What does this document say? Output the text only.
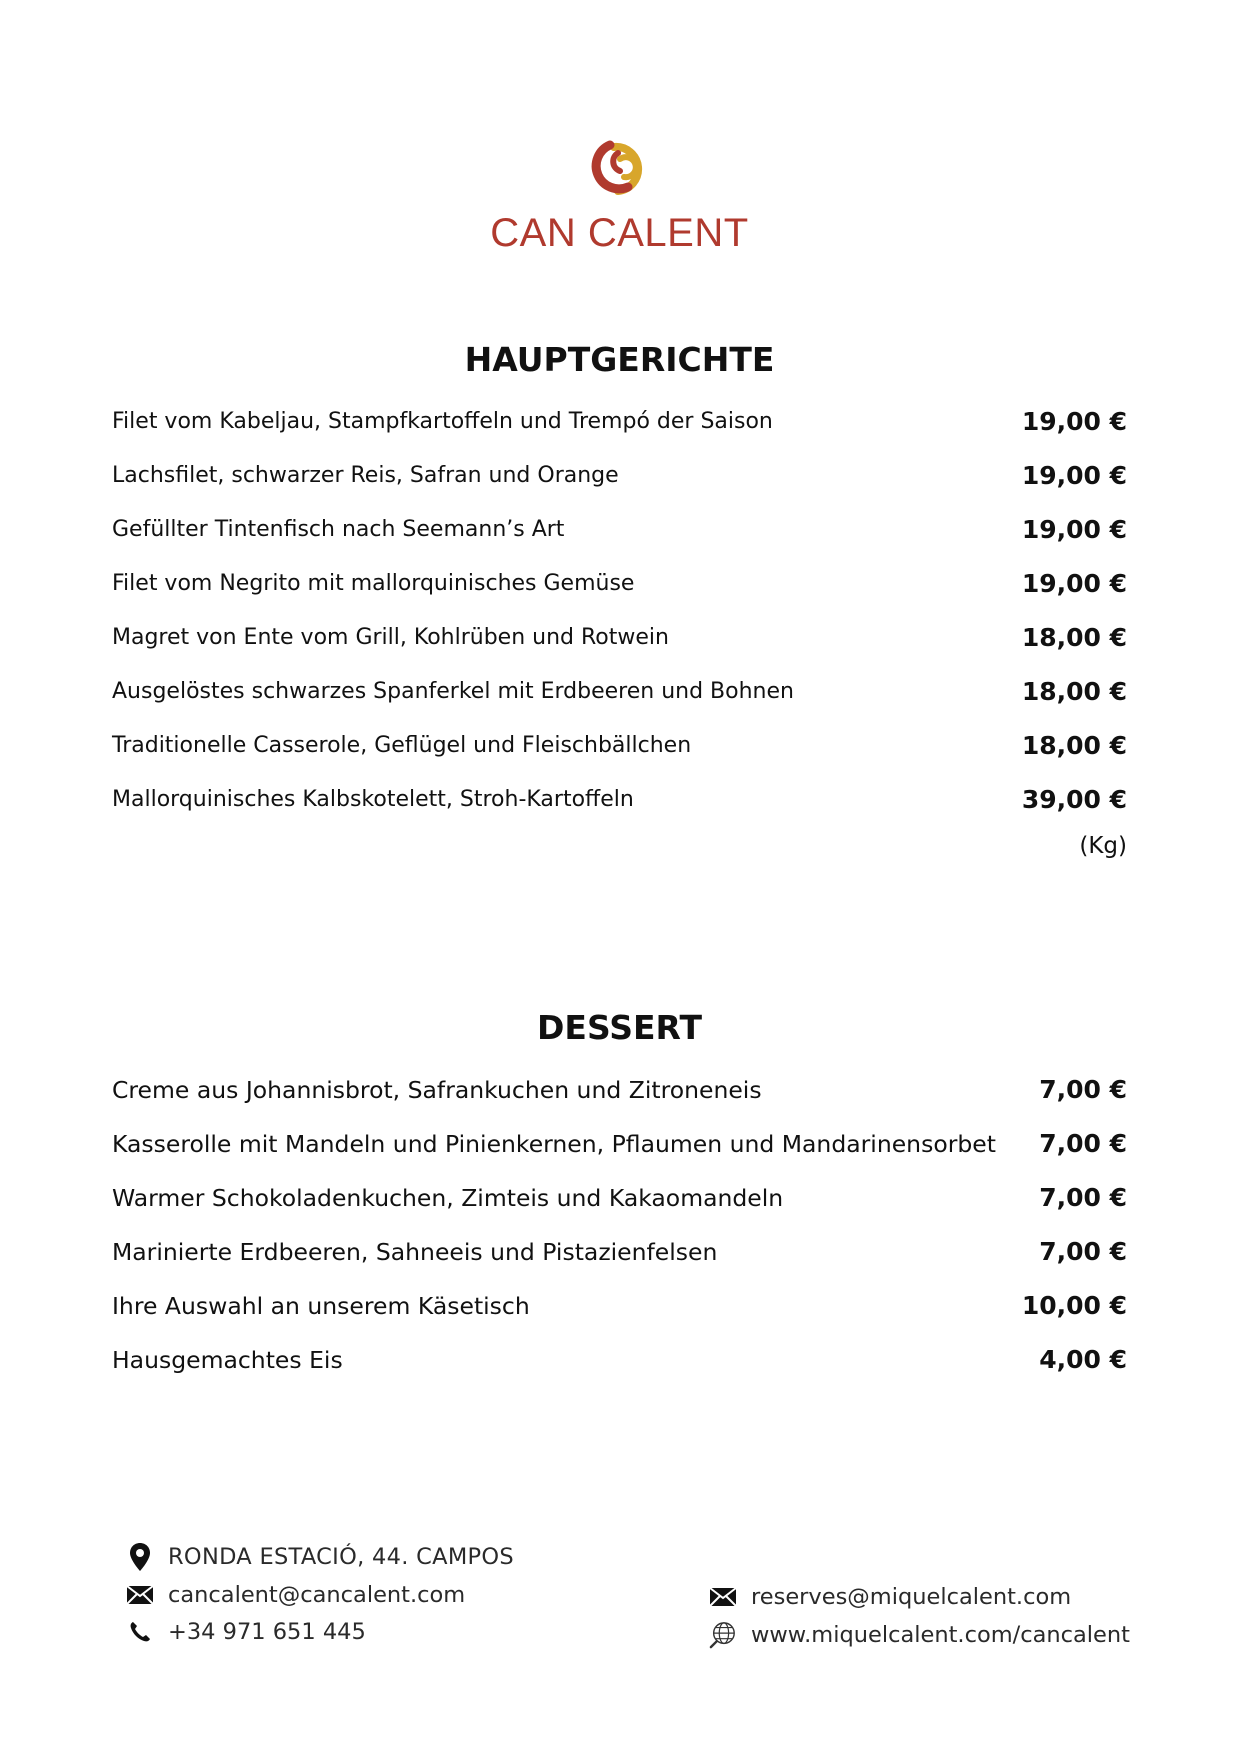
CAN CALENT
HAUPTGERICHTE
Filet vom Kabeljau, Stampfkartoffeln und Trempó der Saison	19,00 €
Lachsfilet, schwarzer Reis, Safran und Orange	19,00 €
Gefüllter Tintenfisch nach Seemann’s Art	19,00 €
Filet vom Negrito mit mallorquinisches Gemüse	19,00 €
Magret von Ente vom Grill, Kohlrüben und Rotwein	18,00 €
Ausgelöstes schwarzes Spanferkel mit Erdbeeren und Bohnen	18,00 €
Traditionelle Casserole, Geflügel und Fleischbällchen	18,00 €
Mallorquinisches Kalbskotelett, Stroh-Kartoffeln	39,00 €
(Kg)
DESSERT
Creme aus Johannisbrot, Safrankuchen und Zitroneneis	7,00 €
Kasserolle mit Mandeln und Pinienkernen, Pflaumen und Mandarinensorbet 7,00 €
Warmer Schokoladenkuchen, Zimteis und Kakaomandeln	7,00 €
Marinierte Erdbeeren, Sahneeis und Pistazienfelsen	7,00 €
Ihre Auswahl an unserem Käsetisch	10,00 €
Hausgemachtes Eis	4,00 €
RONDA ESTACIÓ, 44. CAMPOS
cancalent@cancalent.com
+34 971 651 445
reserves@miquelcalent.com
www.miquelcalent.com/cancalent
